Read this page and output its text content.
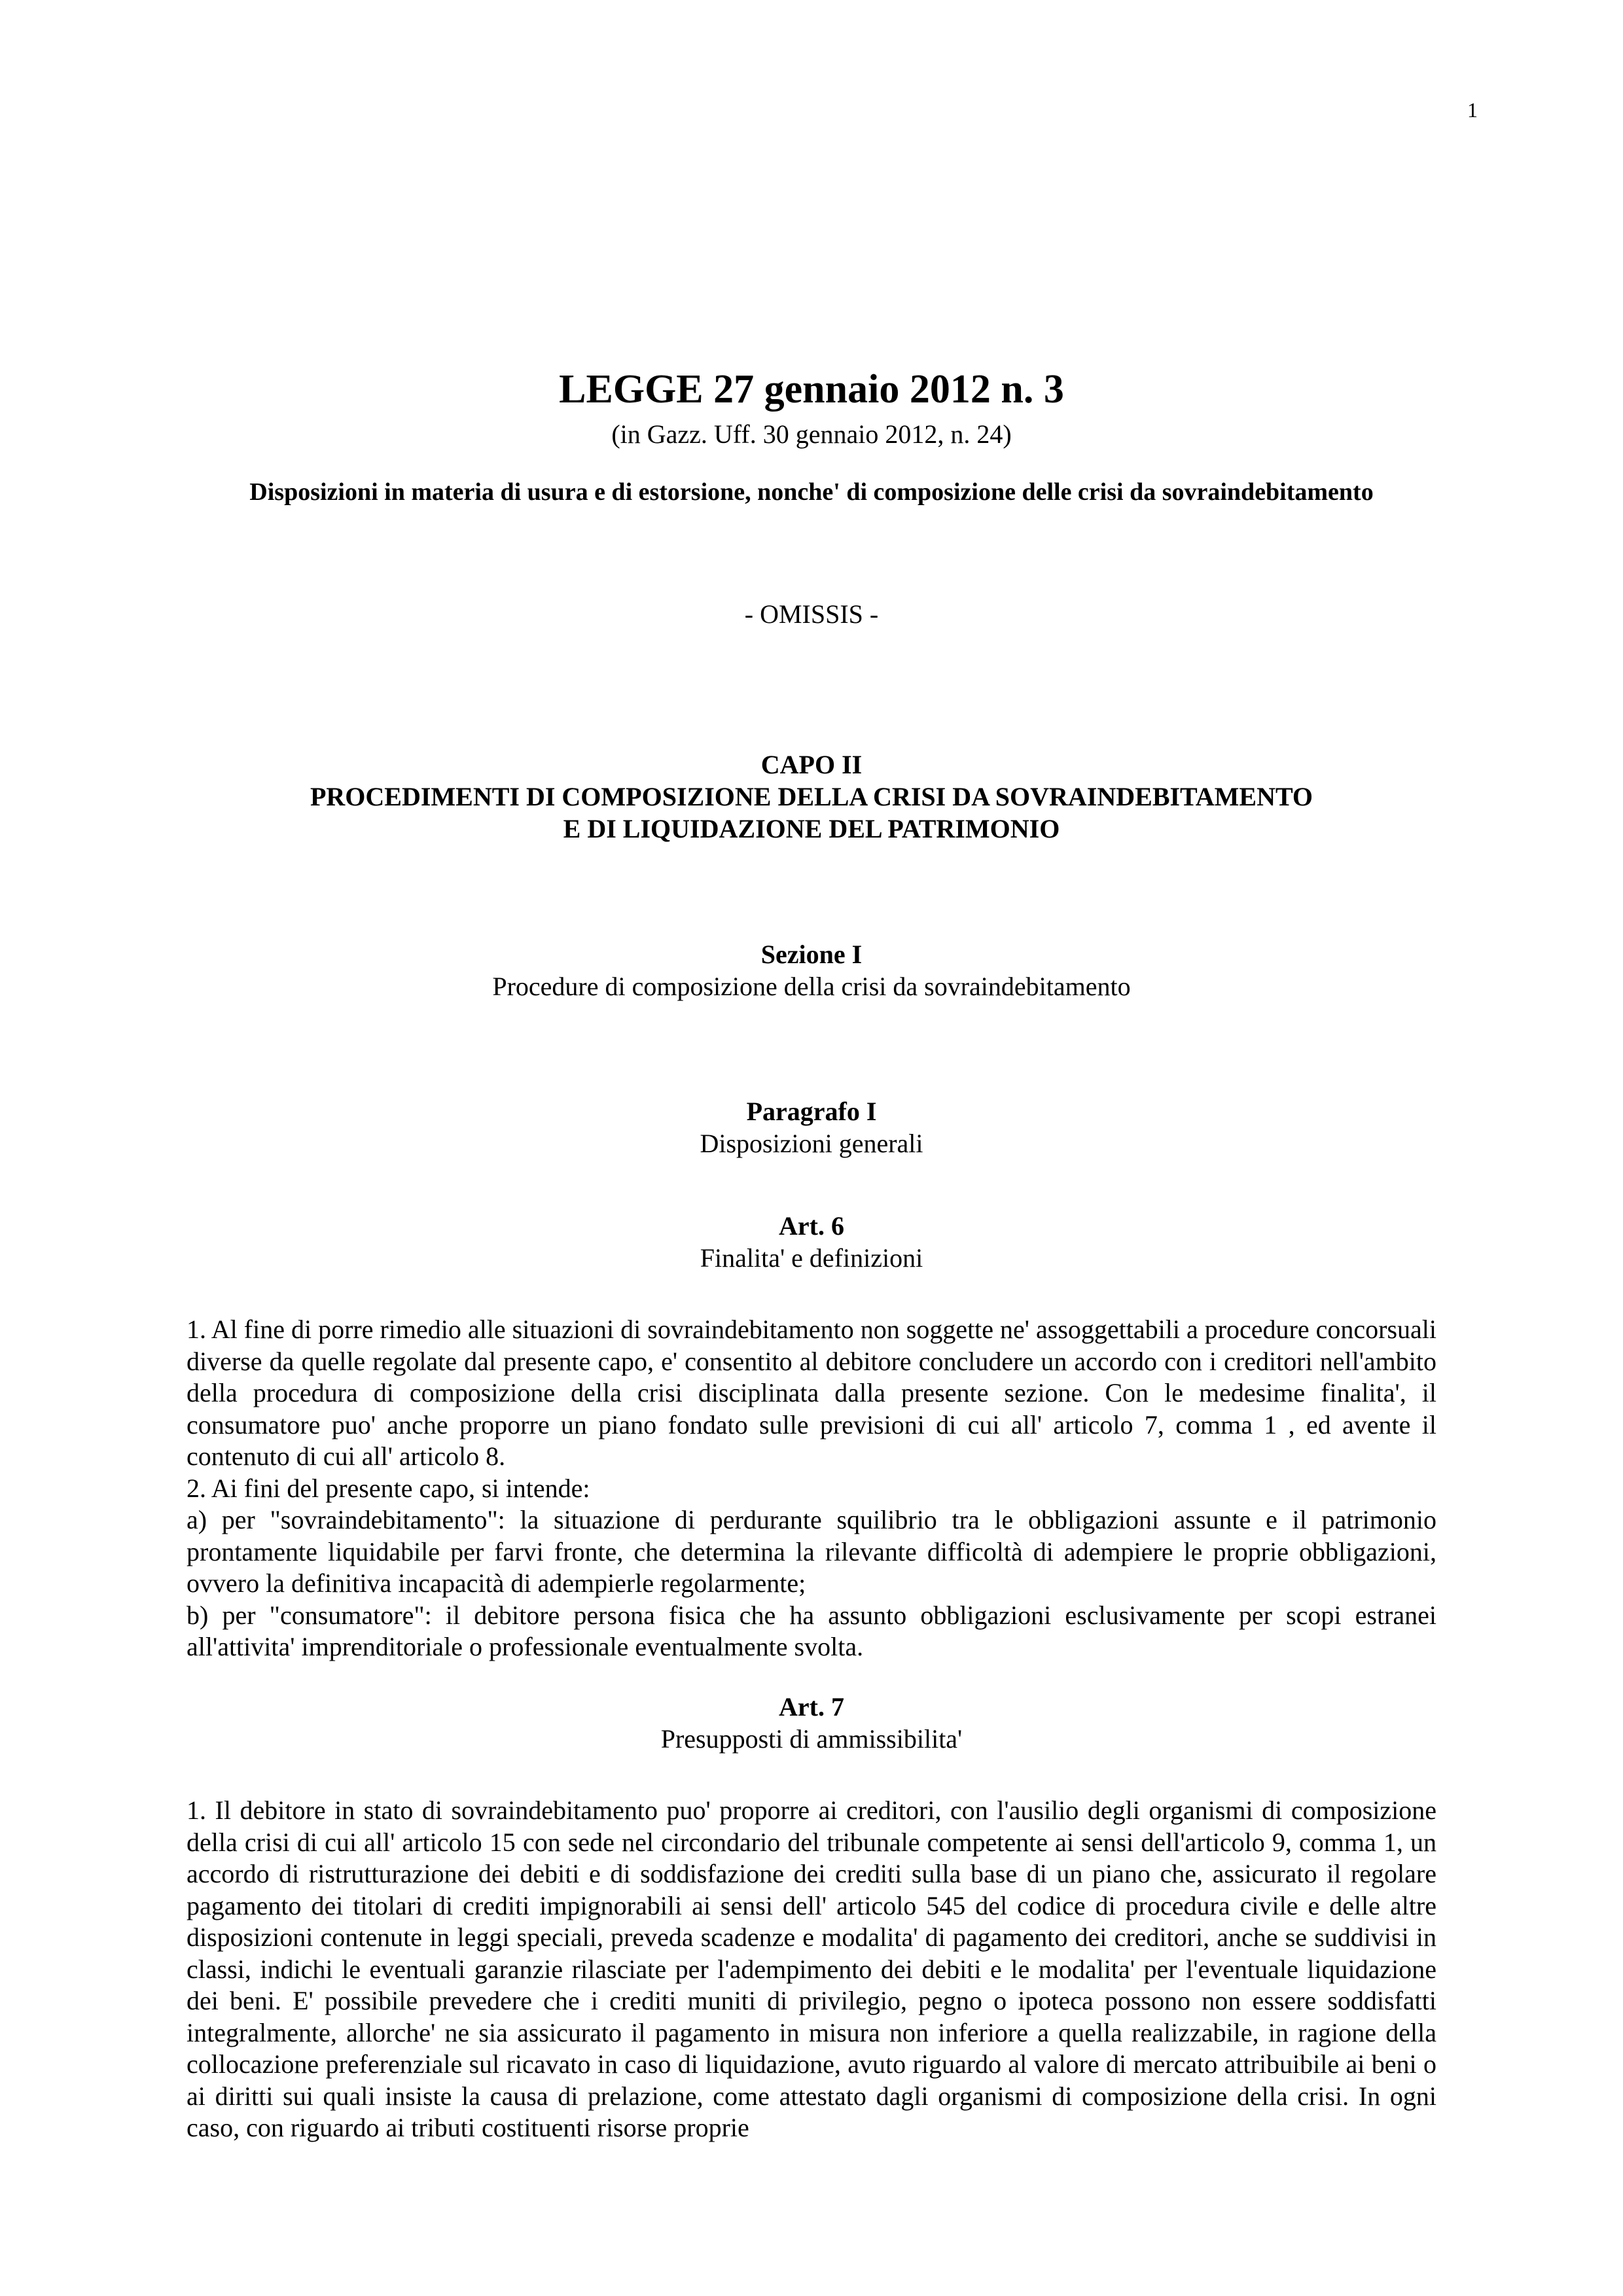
1
LEGGE 27 gennaio 2012 n. 3
(in Gazz. Uff. 30 gennaio 2012, n. 24)
Disposizioni in materia di usura e di estorsione, nonche' di composizione delle crisi da sovraindebitamento
- OMISSIS -
CAPO II
PROCEDIMENTI DI COMPOSIZIONE DELLA CRISI DA SOVRAINDEBITAMENTO
E DI LIQUIDAZIONE DEL PATRIMONIO
Sezione I
Procedure di composizione della crisi da sovraindebitamento
Paragrafo I
Disposizioni generali
Art. 6
Finalita' e definizioni

1. Al fine di porre rimedio alle situazioni di sovraindebitamento non soggette ne' assoggettabili a procedure concorsuali diverse da quelle regolate dal presente capo, e' consentito al debitore concludere un accordo con i creditori nell'ambito della procedura di composizione della crisi disciplinata dalla presente sezione. Con le medesime finalita', il consumatore puo' anche proporre un piano fondato sulle previsioni di cui all' articolo 7, comma 1 , ed avente il contenuto di cui all' articolo 8.

2. Ai fini del presente capo, si intende:

a) per "sovraindebitamento": la situazione di perdurante squilibrio tra le obbligazioni assunte e il patrimonio prontamente liquidabile per farvi fronte, che determina la rilevante difficoltà di adempiere le proprie obbligazioni, ovvero la definitiva incapacità di adempierle regolarmente;

b) per "consumatore": il debitore persona fisica che ha assunto obbligazioni esclusivamente per scopi estranei all'attivita' imprenditoriale o professionale eventualmente svolta.

Art. 7
Presupposti di ammissibilita'

1. Il debitore in stato di sovraindebitamento puo' proporre ai creditori, con l'ausilio degli organismi di composizione della crisi di cui all' articolo 15 con sede nel circondario del tribunale competente ai sensi dell'articolo 9, comma 1, un accordo di ristrutturazione dei debiti e di soddisfazione dei crediti sulla base di un piano che, assicurato il regolare pagamento dei titolari di crediti impignorabili ai sensi dell' articolo 545 del codice di procedura civile e delle altre disposizioni contenute in leggi speciali, preveda scadenze e modalita' di pagamento dei creditori, anche se suddivisi in classi, indichi le eventuali garanzie rilasciate per l'adempimento dei debiti e le modalita' per l'eventuale liquidazione dei beni. E' possibile prevedere che i crediti muniti di privilegio, pegno o ipoteca possono non essere soddisfatti integralmente, allorche' ne sia assicurato il pagamento in misura non inferiore a quella realizzabile, in ragione della collocazione preferenziale sul ricavato in caso di liquidazione, avuto riguardo al valore di mercato attribuibile ai beni o ai diritti sui quali insiste la causa di prelazione, come attestato dagli organismi di composizione della crisi. In ogni caso, con riguardo ai tributi costituenti risorse proprie
